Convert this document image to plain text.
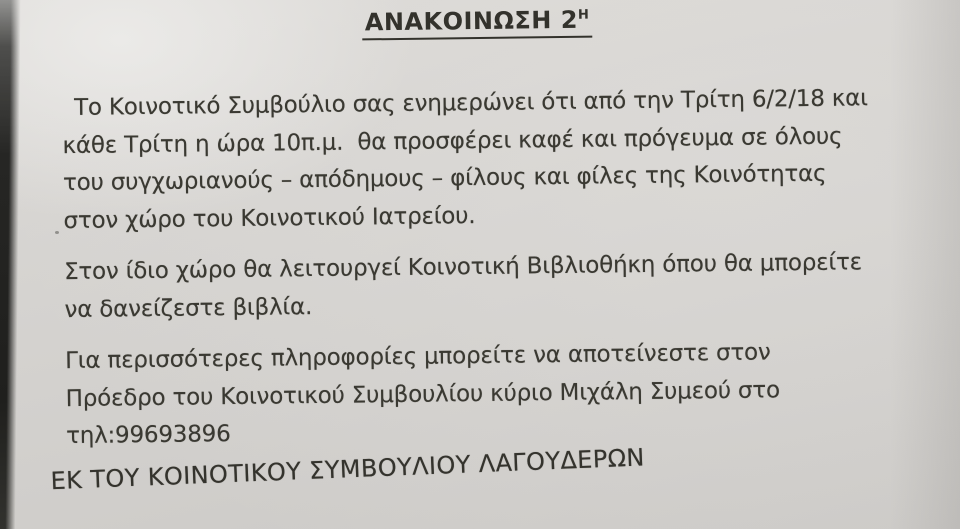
ΑΝΑΚΟΙΝΩΣΗ $2^H$
Το Κοινοτικό Συμβούλιο σας ενημερώνει ότι από την Τρίτη 6/2/18 και
κάθε Τρίτη η ώρα 10π.μ.  θα προσφέρει καφέ και πρόγευμα σε όλους
του συγχωριανούς – απόδημους – φίλους και φίλες της Κοινότητας
στον χώρο του Κοινοτικού Ιατρείου.
Στον ίδιο χώρο θα λειτουργεί Κοινοτική Βιβλιοθήκη όπου θα μπορείτε
να δανείζεστε βιβλία.
Για περισσότερες πληροφορίες μπορείτε να αποτείνεστε στον
Πρόεδρο του Κοινοτικού Συμβουλίου κύριο Μιχάλη Συμεού στο
τηλ:99693896
ΕΚ ΤΟΥ ΚΟΙΝΟΤΙΚΟΥ ΣΥΜΒΟΥΛΙΟΥ ΛΑΓΟΥΔΕΡΩΝ
